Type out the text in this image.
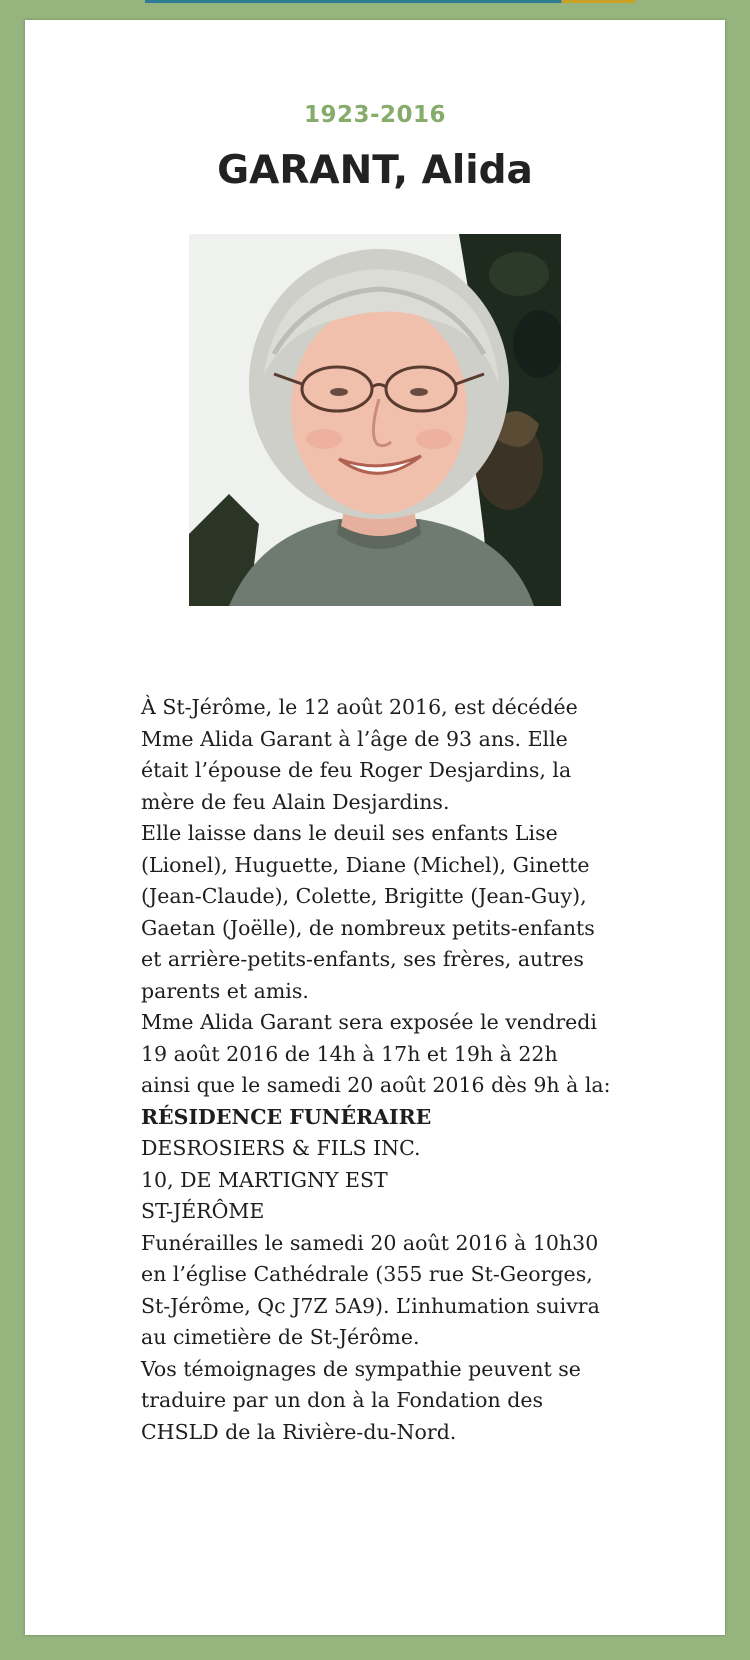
1923-2016
GARANT, Alida

À St-Jérôme, le 12 août 2016, est décédée Mme Alida Garant à l’âge de 93 ans. Elle était l’épouse de feu Roger Desjardins, la mère de feu Alain Desjardins.

Elle laisse dans le deuil ses enfants Lise (Lionel), Huguette, Diane (Michel), Ginette (Jean-Claude), Colette, Brigitte (Jean-Guy), Gaetan (Joëlle), de nombreux petits-enfants et arrière-petits-enfants, ses frères, autres parents et amis.

Mme Alida Garant sera exposée le vendredi 19 août 2016 de 14h à 17h et 19h à 22h ainsi que le samedi 20 août 2016 dès 9h à la:

RÉSIDENCE FUNÉRAIRE

DESROSIERS & FILS INC.

10, DE MARTIGNY EST

ST-JÉRÔME

Funérailles le samedi 20 août 2016 à 10h30 en l’église Cathédrale (355 rue St-Georges, St-Jérôme, Qc J7Z 5A9). L’inhumation suivra au cimetière de St-Jérôme.

Vos témoignages de sympathie peuvent se traduire par un don à la Fondation des CHSLD de la Rivière-du-Nord.
